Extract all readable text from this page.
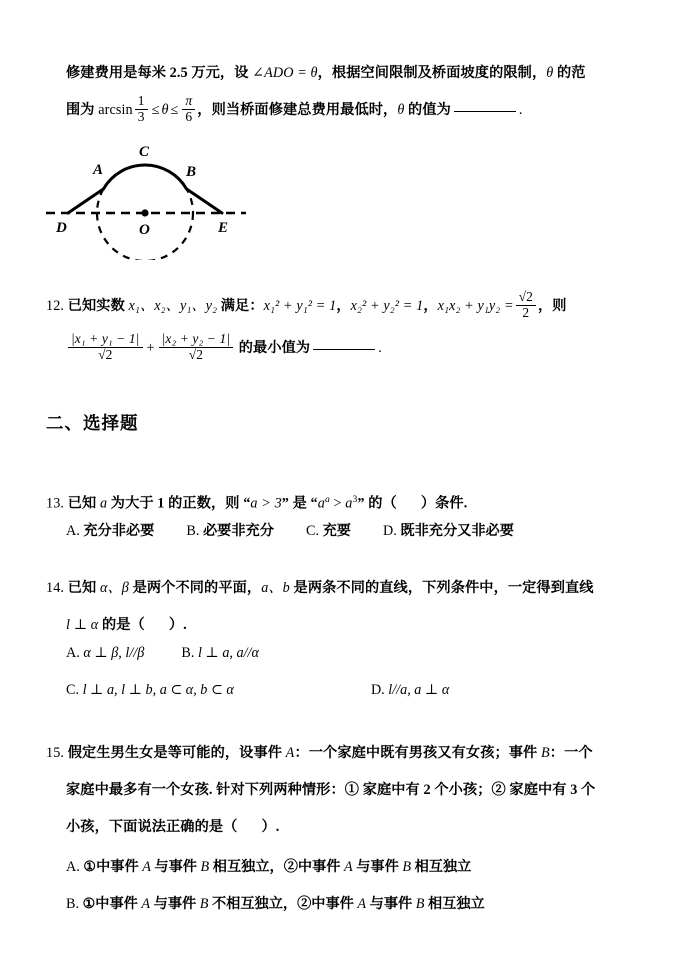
修建费用是每米 2.5 万元，设 ∠ADO = θ，根据空间限制及桥面坡度的限制，θ 的范
围为 $\arcsin \frac{1}{3} \le \theta \le \frac{\pi}{6}$ ，则当桥面修建总费用最低时，θ 的值为	.
A
C
B
D	O	E
12. 已知实数 x₁、x₂、y₁、y₂ 满足：x₁² + y₁² = 1，x₂² + y₂² = 1，$x_1x_2 + y_1y_2 = \frac{√2}{2}$ ，则
$\frac{\text{|x₁ + y₁ − 1|}}{√2} + \frac{\text{|x₂ + y₂ − 1|}}{√2}$ 的最小值为	.
二、选择题
13. 已知 a 为大于 1 的正数，则 “a > 3” 是 “$a^a > a^3$” 的（ ）条件.
A. 充分非必要 B. 必要非充分 C. 充要 D. 既非充分又非必要
14. 已知 α、β 是两个不同的平面，a、b 是两条不同的直线，下列条件中，一定得到直线
l ⊥ α 的是（ ）.
A. α ⊥ β, l//β	B. l ⊥ a, a//α
C. l ⊥ a, l ⊥ b, a ⊂ α, b ⊂ α	D. l//a, a ⊥ α
15. 假定生男生女是等可能的，设事件 A：一个家庭中既有男孩又有女孩；事件 B：一个
家庭中最多有一个女孩. 针对下列两种情形：① 家庭中有 2 个小孩；② 家庭中有 3 个
小孩，下面说法正确的是（ ）.
A. ①中事件 A 与事件 B 相互独立，②中事件 A 与事件 B 相互独立
B. ①中事件 A 与事件 B 不相互独立，②中事件 A 与事件 B 相互独立
